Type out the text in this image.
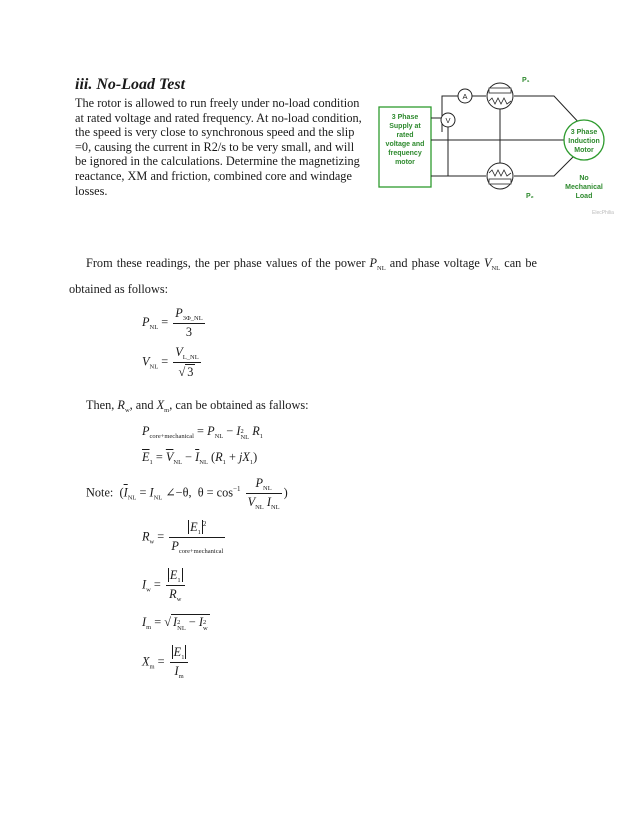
iii. No-Load Test
The rotor is allowed to run freely under no-load condition at rated voltage and rated frequency. At no-load condition, the speed is very close to synchronous speed and the slip =0, causing the current in R2/s to be very small, and will be ignored in the calculations. Determine the magnetizing reactance, XM and friction, combined core and windage losses.
3 Phase
Supply at
rated
voltage and
frequency
motor
A
V
P₁
P₂
3 Phase
Induction
Motor
No
Mechanical
Load
ElecPhilia
From these readings, the per phase values of the power $P_{NL}$ and phase voltage $V_{NL}$ can be
obtained as follows:
$P_{NL} = \frac{P_{3\Phi\_NL}}{3}$
$V_{NL} = \frac{V_{L\_NL}}{√ 3}$
Then, $R_w$, and $X_m$, can be obtained as fallows:
$P_{core+mechanical} = P_{NL} - I2$
NL $R_1$
$\overline{E}_1 = \overline{V}_{NL} - \overline{I}_{NL}$ $(R_1 + jX_1)$
Note: ($\overline{I}_{NL} = I_{NL}$ ∠−θ, $\theta = \cos^{-1} \frac{P_{NL}}{V_{NL} I_{NL}}$ )
$R_w = \frac{E_1^2}{P_{core+mechanical}}$
$I_w = \frac{E_1}{R_w}$
$I_m$ = √ I2
NL − I2
w
$X_m = \frac{E_1}{I_m}$
